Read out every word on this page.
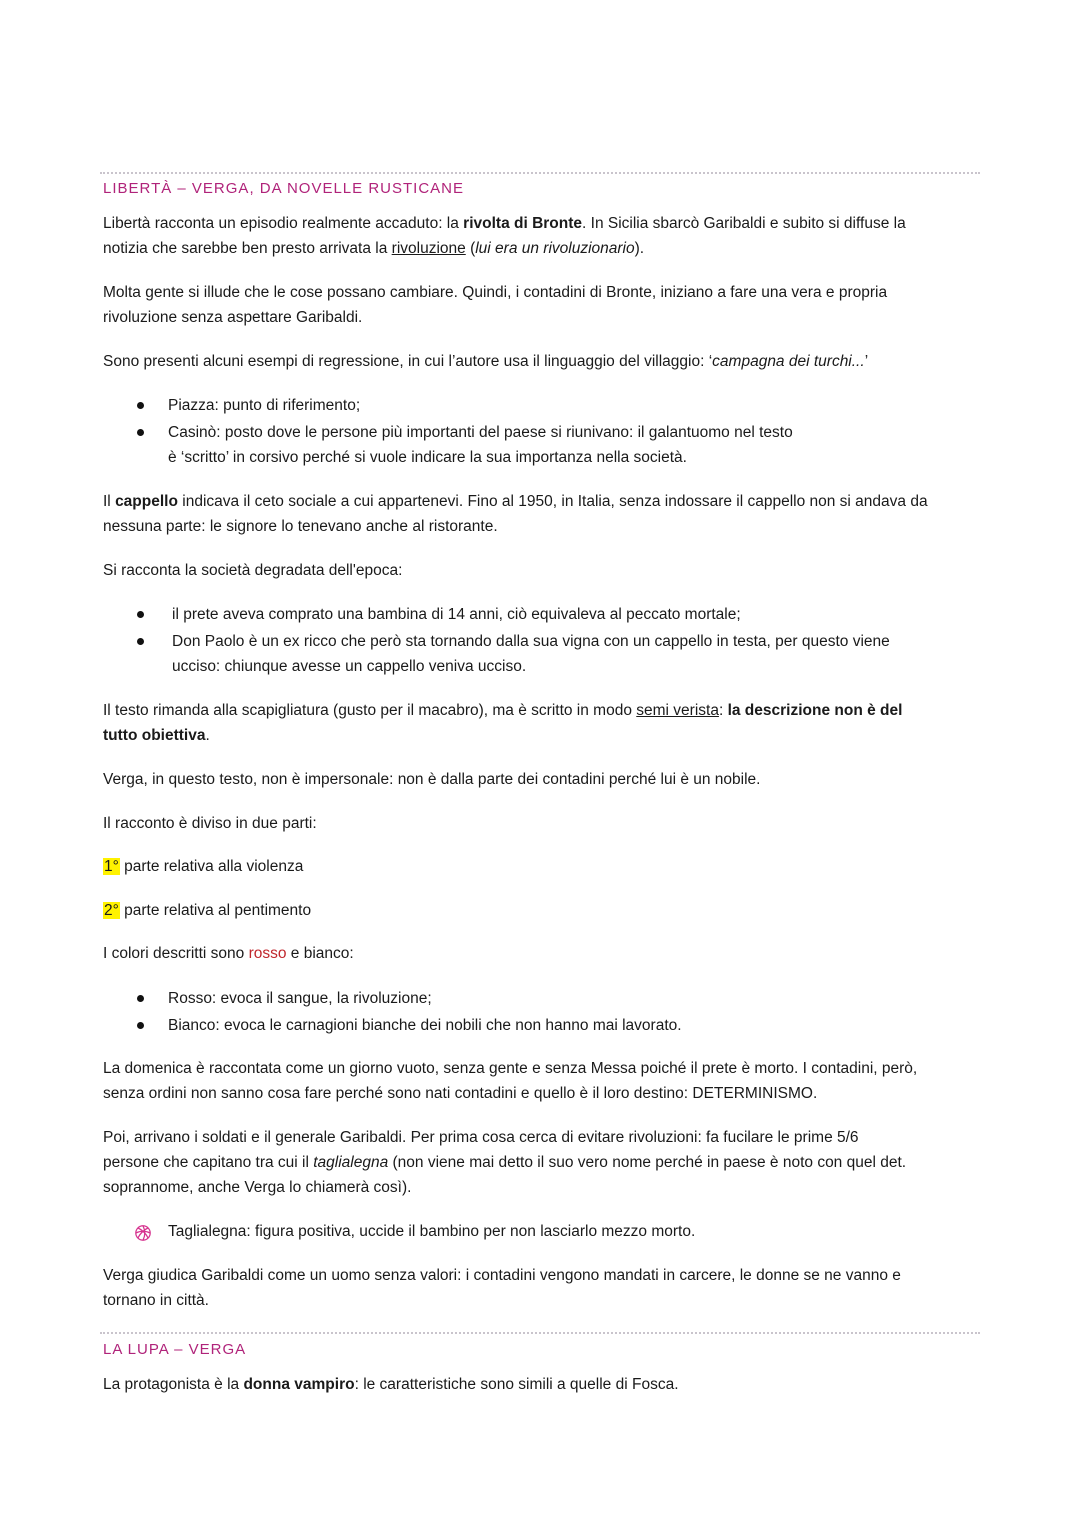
LIBERTÀ – VERGA, DA NOVELLE RUSTICANE

Libertà racconta un episodio realmente accaduto: la rivolta di Bronte. In Sicilia sbarcò Garibaldi e subito si diffuse la
notizia che sarebbe ben presto arrivata la rivoluzione (lui era un rivoluzionario).

Molta gente si illude che le cose possano cambiare. Quindi, i contadini di Bronte, iniziano a fare una vera e propria
rivoluzione senza aspettare Garibaldi.

Sono presenti alcuni esempi di regressione, in cui l’autore usa il linguaggio del villaggio: ‘campagna dei turchi...’

Piazza: punto di riferimento;

Casinò: posto dove le persone più importanti del paese si riunivano: il galantuomo nel testo
è ‘scritto’ in corsivo perché si vuole indicare la sua importanza nella società.

Il cappello indicava il ceto sociale a cui appartenevi. Fino al 1950, in Italia, senza indossare il cappello non si andava da
nessuna parte: le signore lo tenevano anche al ristorante.

Si racconta la società degradata dell'epoca:

il prete aveva comprato una bambina di 14 anni, ciò equivaleva al peccato mortale;

Don Paolo è un ex ricco che però sta tornando dalla sua vigna con un cappello in testa, per questo viene
ucciso: chiunque avesse un cappello veniva ucciso.

Il testo rimanda alla scapigliatura (gusto per il macabro), ma è scritto in modo semi verista: la descrizione non è del
tutto obiettiva.

Verga, in questo testo, non è impersonale: non è dalla parte dei contadini perché lui è un nobile.

Il racconto è diviso in due parti:

1° parte relativa alla violenza

2° parte relativa al pentimento

I colori descritti sono rosso e bianco:

Rosso: evoca il sangue, la rivoluzione;

Bianco: evoca le carnagioni bianche dei nobili che non hanno mai lavorato.

La domenica è raccontata come un giorno vuoto, senza gente e senza Messa poiché il prete è morto. I contadini, però,
senza ordini non sanno cosa fare perché sono nati contadini e quello è il loro destino: DETERMINISMO.

Poi, arrivano i soldati e il generale Garibaldi. Per prima cosa cerca di evitare rivoluzioni: fa fucilare le prime 5/6
persone che capitano tra cui il taglialegna (non viene mai detto il suo vero nome perché in paese è noto con quel det.
soprannome, anche Verga lo chiamerà così).

Taglialegna: figura positiva, uccide il bambino per non lasciarlo mezzo morto.

Verga giudica Garibaldi come un uomo senza valori: i contadini vengono mandati in carcere, le donne se ne vanno e
tornano in città.

LA LUPA – VERGA

La protagonista è la donna vampiro: le caratteristiche sono simili a quelle di Fosca.
